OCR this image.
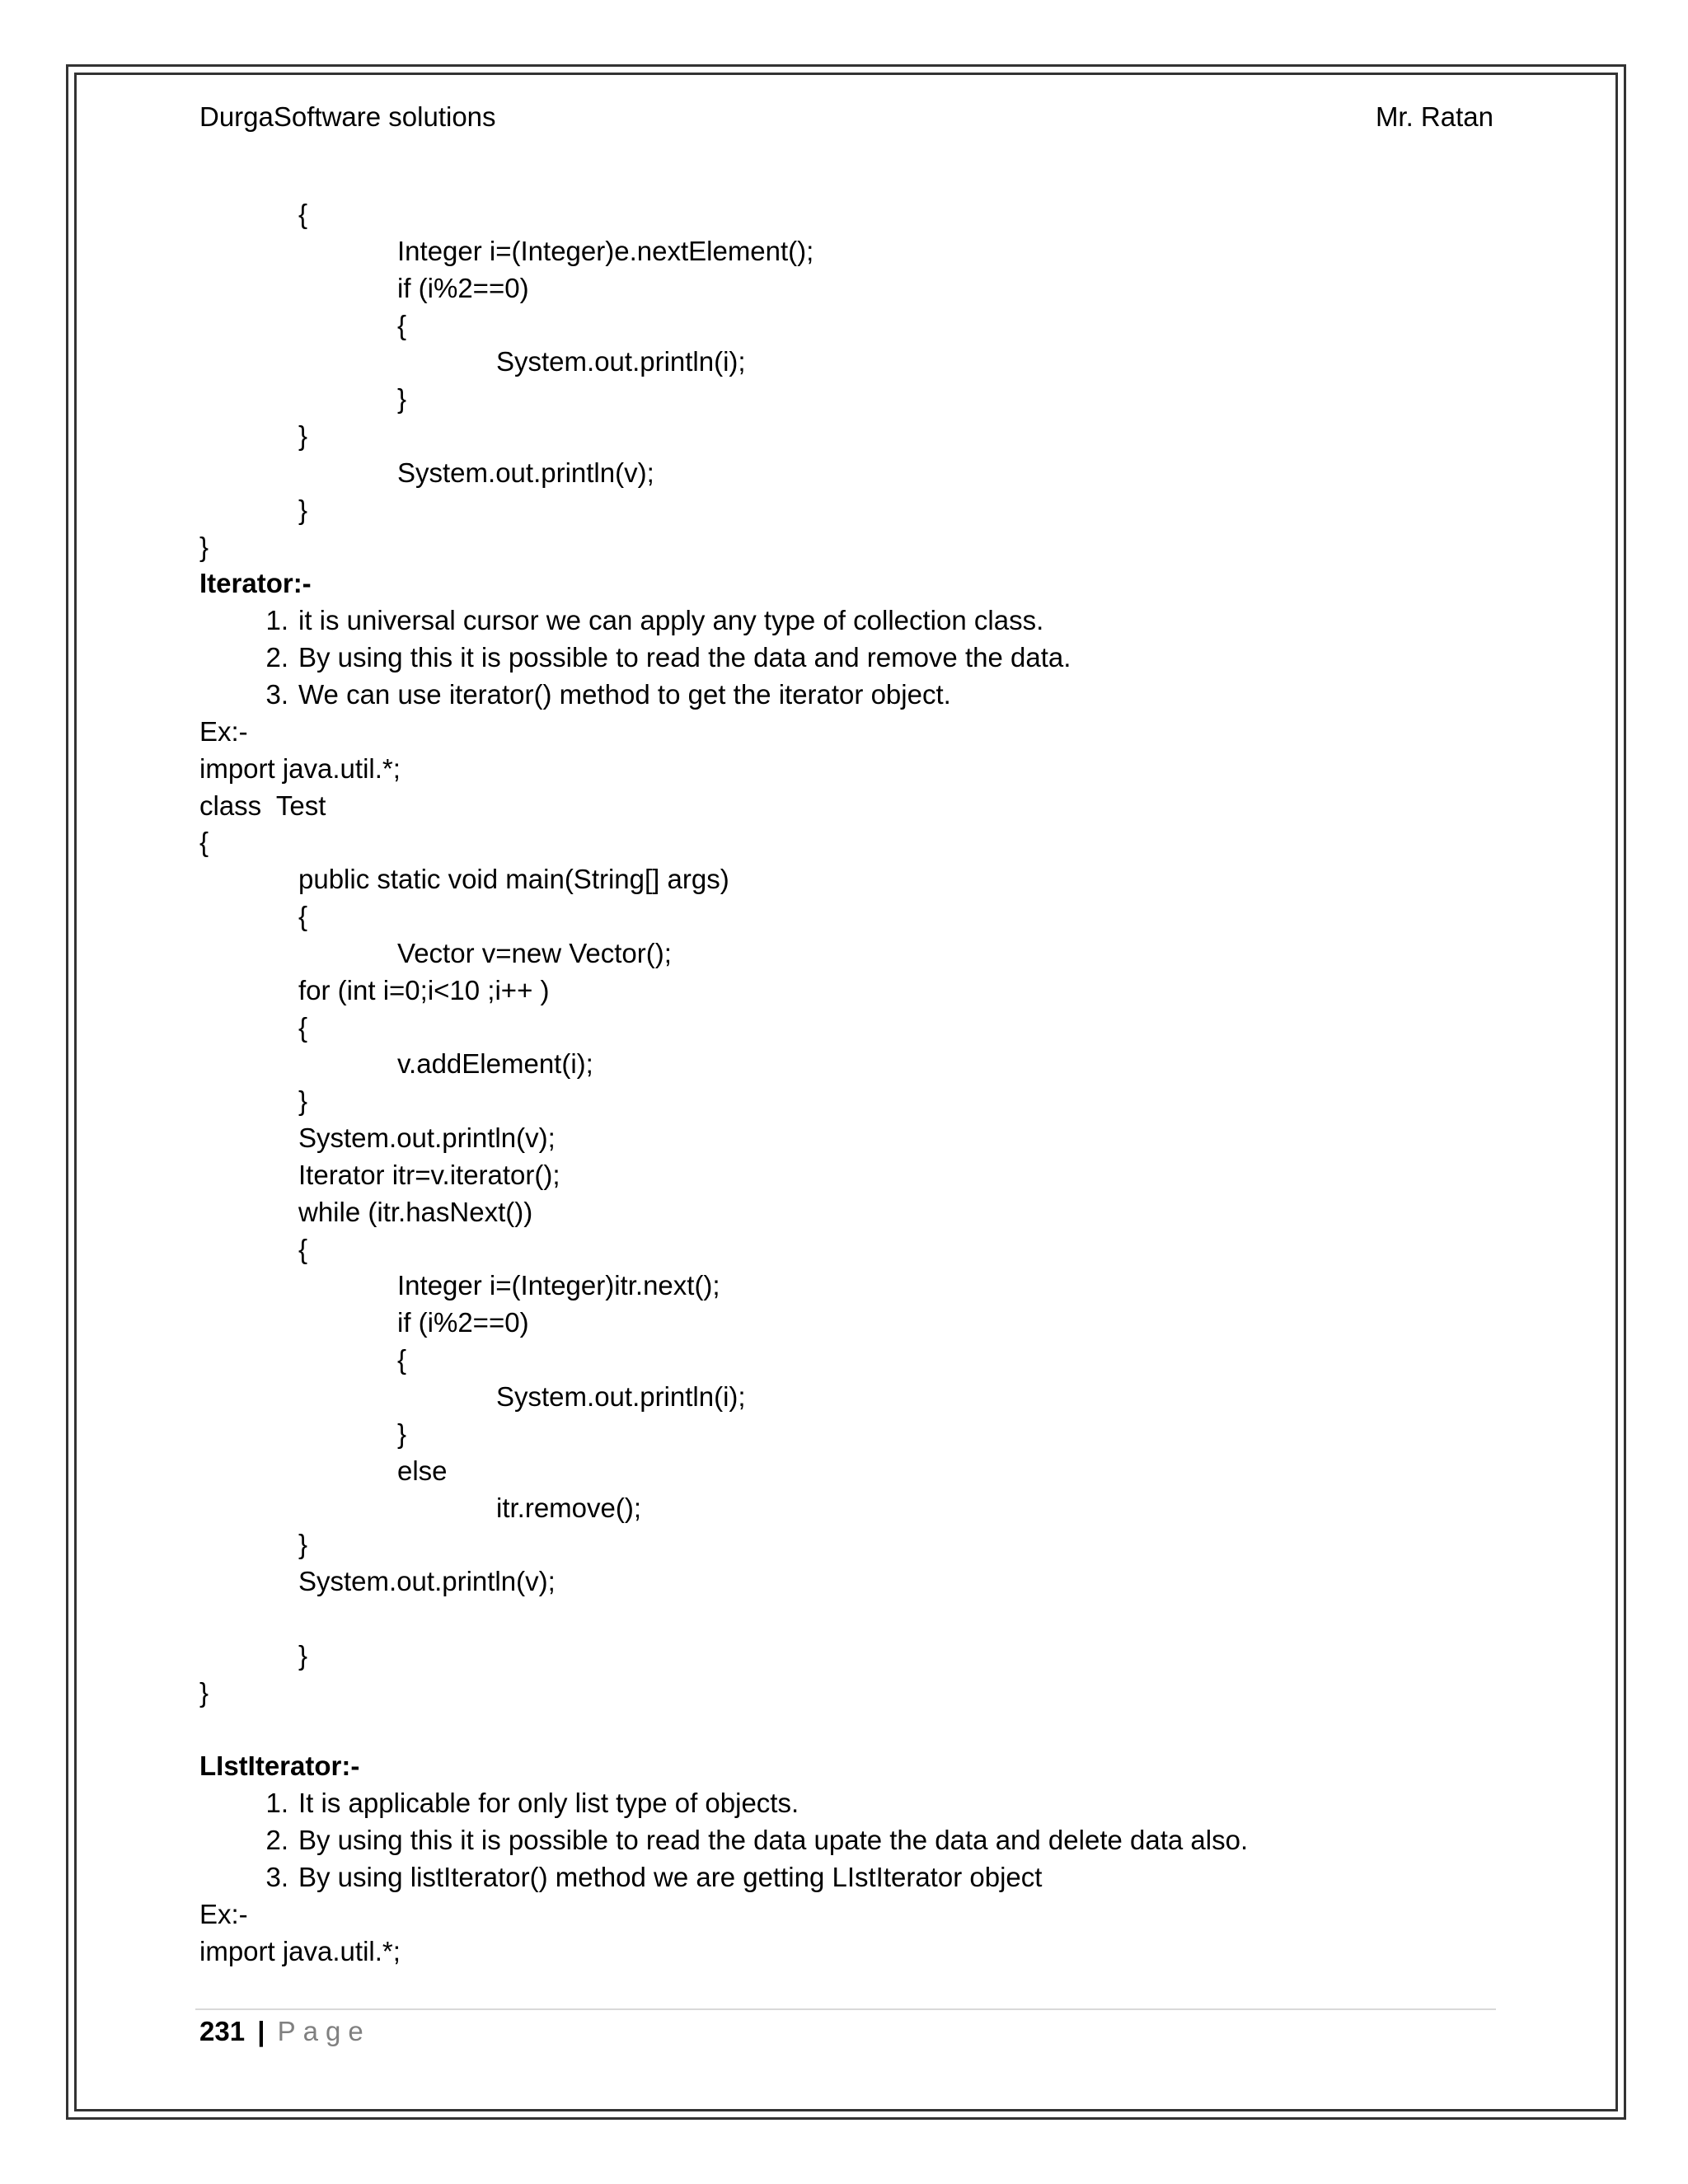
DurgaSoftware solutions	Mr. Ratan
{
Integer i=(Integer)e.nextElement();
if (i%2==0)
{
System.out.println(i);
}
}
System.out.println(v);
}
}
Iterator:-
1. it is universal cursor we can apply any type of collection class.
2. By using this it is possible to read the data and remove the data.
3. We can use iterator() method to get the iterator object.
Ex:-
import java.util.*;
class  Test
{
public static void main(String[] args)
{
Vector v=new Vector();
for (int i=0;i<10 ;i++ )
{
v.addElement(i);
}
System.out.println(v);
Iterator itr=v.iterator();
while (itr.hasNext())
{
Integer i=(Integer)itr.next();
if (i%2==0)
{
System.out.println(i);
}
else
itr.remove();
}
System.out.println(v);
}
}
LIstIterator:-
1. It is applicable for only list type of objects.
2. By using this it is possible to read the data upate the data and delete data also.
3. By using listIterator() method we are getting LIstIterator object
Ex:-
import java.util.*;
231 | Page
